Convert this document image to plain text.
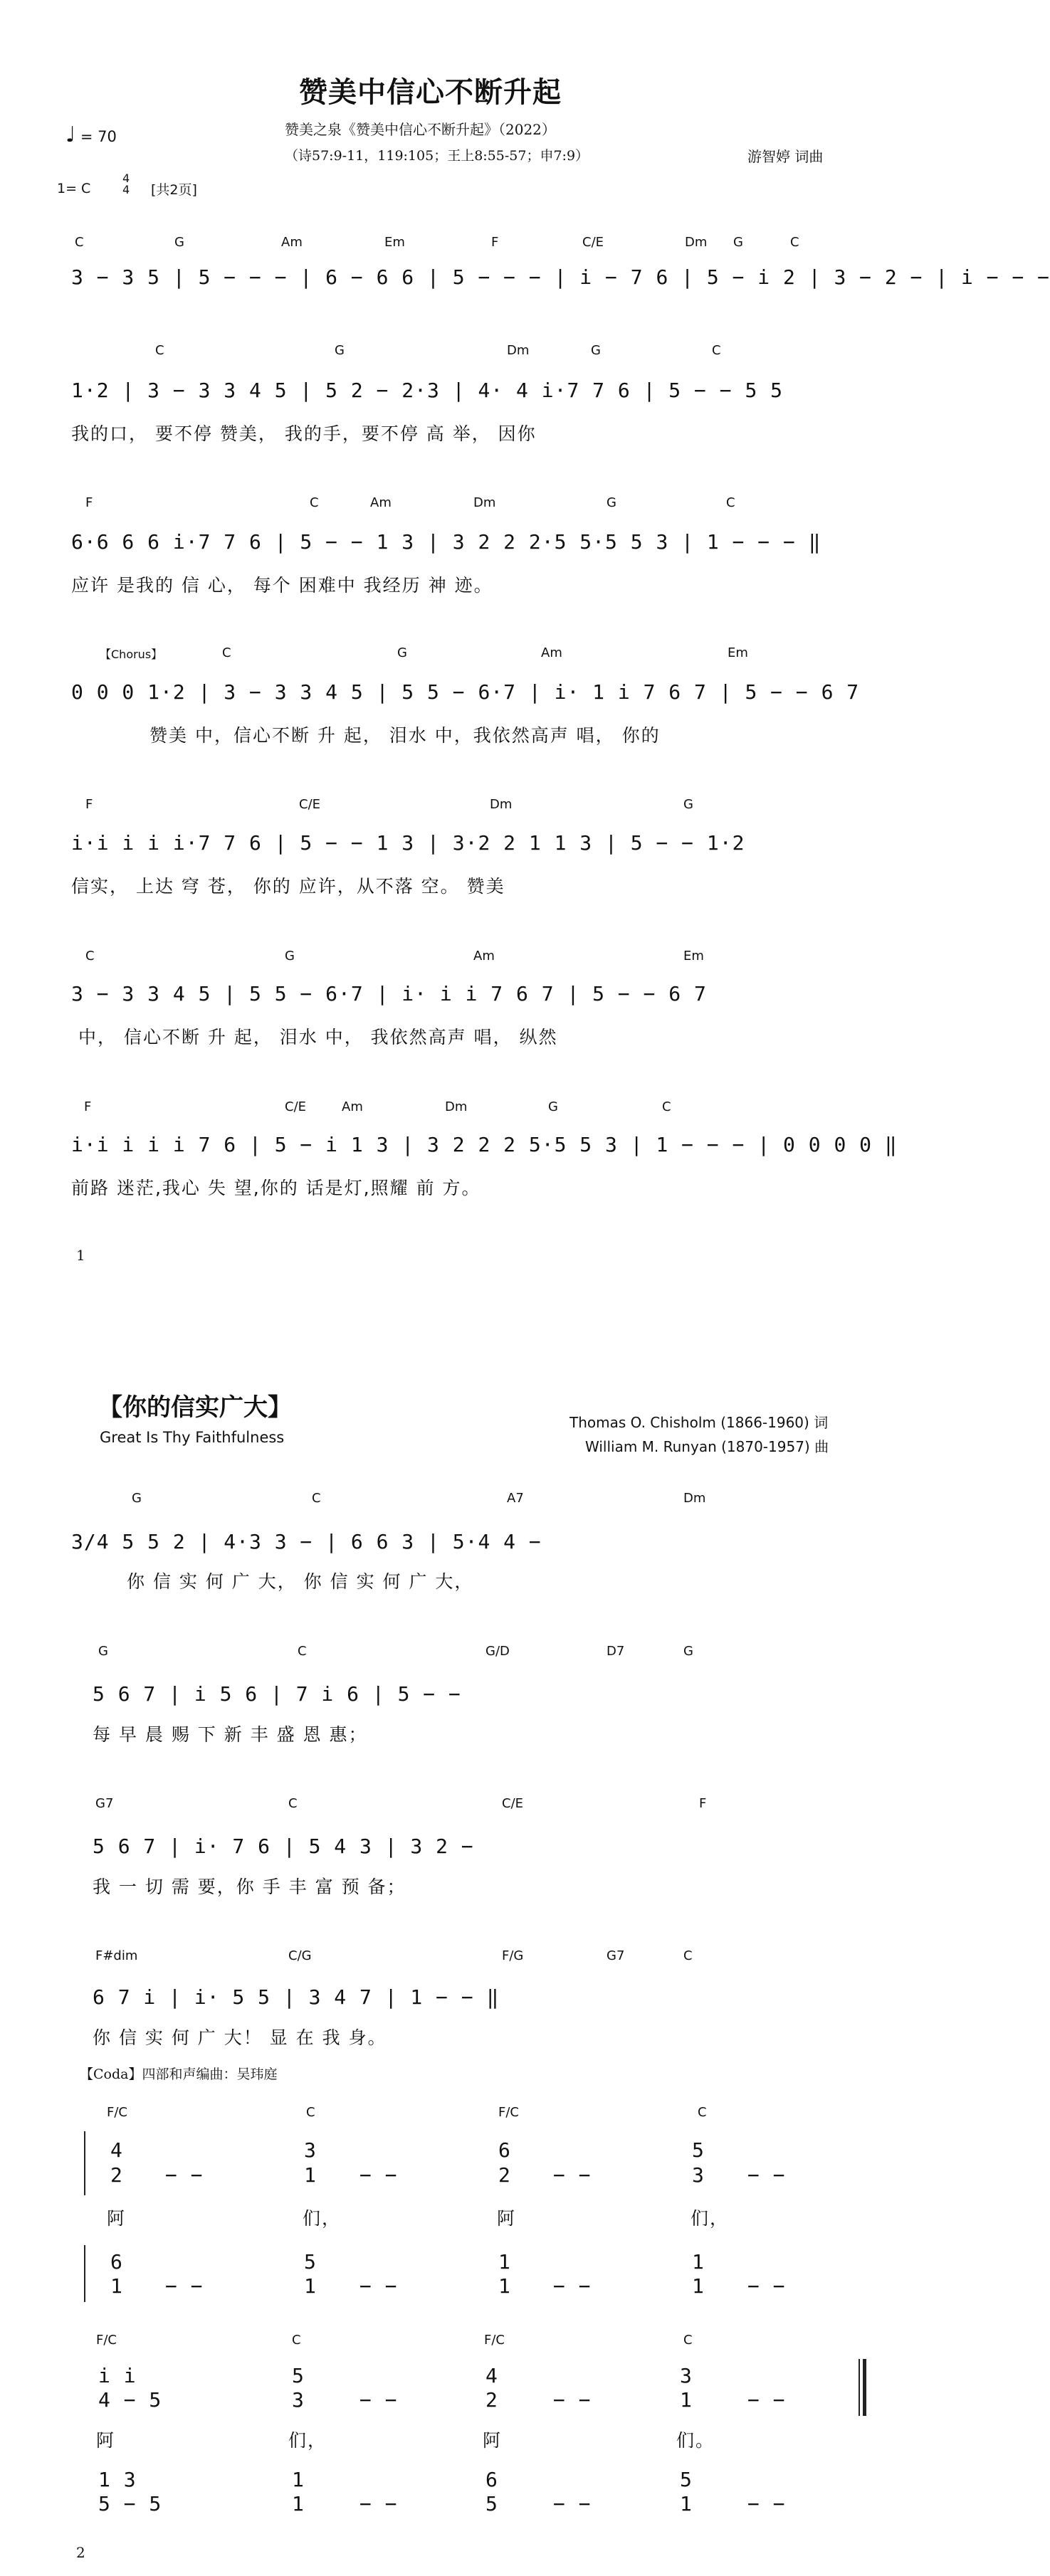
赞美中信心不断升起
♩ = 70	赞美之泉《赞美中信心不断升起》（2022）
（诗57:9-11，119:105；王上8:55-57；申7:9）	游智婷 词曲
1= C
4
4 [共2页]
C	G	Am	Em	F	C/E	Dm G	C
3 − 3 5 | 5 − − − | 6 − 6 6 | 5 − − − | i − 7 6 | 5 − i 2 | 3 − 2 − | i − − −
C	G	Dm	G	C
1·2 | 3 − 3 3 4 5 | 5 2 − 2·3 | 4· 4 i·7 7 6 | 5 − − 5 5
我的口， 要不停 赞美， 我的手，要不停 高 举， 因你
F	C	Am	Dm	G	C
6·6 6 6 i·7 7 6 | 5 − − 1 3 | 3 2 2 2·5 5·5 5 3 | 1 − − − ‖
应许 是我的 信 心， 每个 困难中 我经历 神 迹。
【Chorus】	C	G	Am	Em
0 0 0 1·2 | 3 − 3 3 4 5 | 5 5 − 6·7 | i· 1 i 7 6 7 | 5 − − 6 7
赞美 中，信心不断 升 起， 泪水 中，我依然高声 唱， 你的
F	C/E	Dm	G
i·i i i i·7 7 6 | 5 − − 1 3 | 3·2 2 1 1 3 | 5 − − 1·2
信实， 上达 穹 苍， 你的 应许，从不落 空。 赞美
C	G	Am	Em
3 − 3 3 4 5 | 5 5 − 6·7 | i· i i 7 6 7 | 5 − − 6 7
中， 信心不断 升 起， 泪水 中， 我依然高声 唱， 纵然
F	C/E	Am	Dm	G	C
i·i i i i 7 6 | 5 − i 1 3 | 3 2 2 2 5·5 5 3 | 1 − − − | 0 0 0 0 ‖
前路 迷茫,我心 失 望,你的 话是灯,照耀 前 方。
1
【你的信实广大】
Great Is Thy Faithfulness
Thomas O. Chisholm (1866-1960) 词
William M. Runyan (1870-1957) 曲
G	C	A7	Dm
3/4 5 5 2 | 4·3 3 − | 6 6 3 | 5·4 4 −
你 信 实 何 广 大， 你 信 实 何 广 大，
G	C	G/D	D7	G
5 6 7 | i 5 6 | 7 i 6 | 5 − −
每 早 晨 赐 下 新 丰 盛 恩 惠；
G7	C	C/E	F
5 6 7 | i· 7 6 | 5 4 3 | 3 2 −
我 一 切 需 要，你 手 丰 富 预 备；
F#dim	C/G	F/G	G7	C
6 7 i | i· 5 5 | 3 4 7 | 1 − − ‖
你 信 实 何 广 大！ 显 在 我 身。
【Coda】四部和声编曲：吴玮庭
F/C	C	F/C	C
4	3	6	5
2	1	2	3
− −	− −	− −	− −
阿	们，	阿	们，
6	5	1	1
1	1	1	1
− −	− −	− −	− −
F/C	C	F/C	C
i i	5	4	3
4 − 5	3	2	1
− −	− −	− −
阿	们，	阿	们。
1 3	1	6	5
5 − 5	1	5	1
− −	− −	− −
2
